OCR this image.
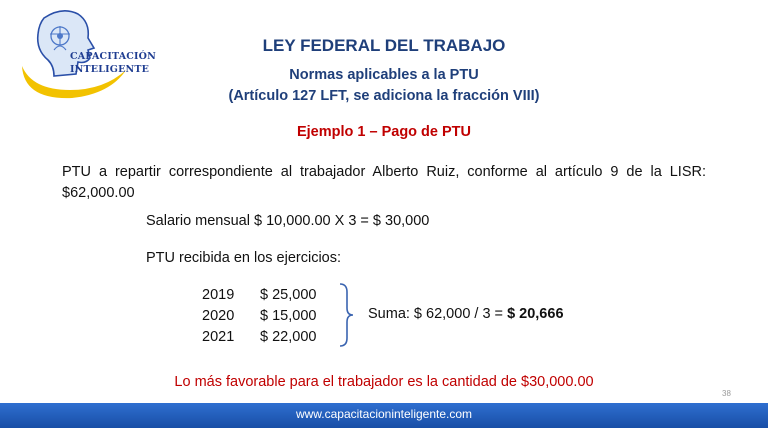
CAPACITACIÓN
INTELIGENTE
LEY FEDERAL DEL TRABAJO
Normas aplicables a la PTU
(Artículo 127 LFT, se adiciona la fracción VIII)
Ejemplo 1 – Pago de PTU
PTU a repartir correspondiente al trabajador Alberto Ruiz, conforme al artículo 9 de la LISR: $62,000.00
Salario mensual $ 10,000.00 X 3 = $ 30,000
PTU recibida en los ejercicios:
2019 $ 25,000
2020 $ 15,000
2021 $ 22,000
Suma: $ 62,000 / 3 = $ 20,666
Lo más favorable para el trabajador es la cantidad de $30,000.00
38
www.capacitacioninteligente.com
